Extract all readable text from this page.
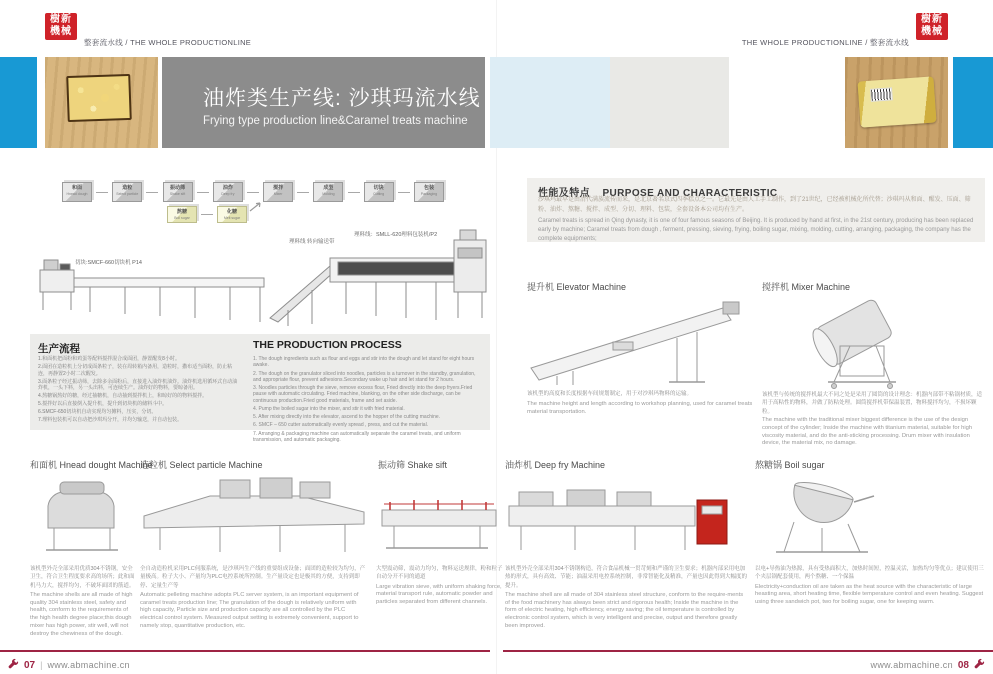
樹新機械
整套流水线 / THE WHOLE PRODUCTIONLINE	THE WHOLE PRODUCTIONLINE / 整套流水线
樹新機械
油炸类生产线: 沙琪玛流水线
Frying type production line&Caramel treats machine
和面
Hnead dough
造粒
Select particle
振动筛
Shake sift
油炸
Deep fry
搅拌
Mixer
成型
Molding
切块
Cutting
包装
Packaging
熬糖
Boil sugar
化糖
Melt sugar
切块:SMCF-660切块机 P14
理料线 转向输送带
理料线：SMLL-620理料包装机/P2
生产流程
1.和面机把面粉和鸡蛋等配料搅拌混合成面团，静置醒发8小时。
2.面团在造粒机上分切成面条粒子，装在周转箱内备用，造粒时，撒布适当面粉，防止粘连，再静置2小时二次醒发。
3.面条粒子经过振动筛，去除多余面粉后，直接进入油炸机油炸。油炸机选用循环式自动油炸机，一头下料，另一头出料，可连续生产。油炸好的物料，要晾备用。
4.熬糖锅熬好的糖，经过抽糖机，自动抽到搅拌机上，和晾好的的物料搅拌。
5.搅拌好以后直接倒入提升机，提升到切块机的储料斗中。
6.SMCF-650切块机自动实现均匀摊料，压实，分切。
7.理料包装机可以自动把沙琪玛分开，并均匀输送，并自动包装。
THE PRODUCTION PROCESS
1. The dough ingredients such as flour and eggs and stir into the dough and let stand for eight hours awake.
2. The dough on the granulator sliced into noodles, particles is a turnover in the standby, granulation, and appropriate flour, prevent adhesions.Secondary wake up hair and let stand for 2 hours.
3. Noodles particles through the sieve, remove excess flour, Fried directly into the deep fryers.Fried pause with automatic circulating. Fried machine, blanking, on the other side discharge, can be continuous production.Fried good materials, frame and set aside.
4. Pump the boiled sugar into the mixer, and stir it with fried material.
5. After mixing directly into the elevator, ascend to the hopper of the cutting machine.
6. SMCF – 650 cutter automatically evenly spread , press, and cut the material.
7. Arranging & packaging machine can automatically separate the caramel treats, and uniform transmission, and automatic packaging.
性能及特点 PURPOSE AND CHARACTERISTIC
沙琪玛最早是由清代满族流传而来，是北京著名京式四季糕点之一。它最先是由人工手工制作，到了21世纪，已经被机械化所代替；沙琪玛从和面、醒发、压面、筛粉、油炸、熬糖、搅拌、成型、分切、理料、包装，全套设备本公司均有生产。
Caramel treats is spread in Qing dynasty, it is one of four famous seasons of Beijing. It is produced by hand at first, in the 21st century, producing has been replaced early by machine; Caramel treats from dough , ferment, pressing, sieving, frying, boiling sugar, mixing, molding, cutting, arranging, packaging, the company has the complete equipments;
提升机 Elevator Machine
该机型的高度和长度根据车间规划制定，用于对沙琪玛物料的运输。
The machine height and length according to workshop planning, used for caramel treats material transportation.
搅拌机 Mixer Machine
该机型与传统的搅拌机最大不同之处是采用了圆筒的设计理念：机器内部带不粘锅材质，适用于高粘性的物料，并做了防粘处理。圆筒搅拌机带保温装置，物料搅拌均匀，不损坏颗粒。
The machine with the traditional mixer biggest difference is the use of the design concept of the cylinder; Inside the machine with titanium material, suitable for high viscosity material, and do the anti-sticking processing. Drum mixer with insulation device, the material mix, no damage.
和面机 Hnead dought Machine
造粒机 Select particle Machine	振动筛 Shake sift	油炸机 Deep fry Machine	熬糖锅 Boil sugar
该机型外壳全部采用优质304不锈钢，安全卫生，符合卫生程度要求高的场所；此和面机马力大，搅拌均匀，不破坏面团的筋道。
The machine shells are all made of high quality 304 stainless steel, safety and health, conform to the requirements of the high health degree place;this dough mixer has high power, stir well, will not destroy the chewiness of the dough.
全自动造粒机采用PLC伺服系统，是沙琪玛生产线的重要组成设备；面团的造粒较为均匀，产量极高。粒子大小、产量均为PLC电控系统所控制。生产量设定也是极其的方便，支持到即停、定量生产等
Automatic pelleting machine adopts PLC server system, is an important equipment of caramel treats production line; The granulation of the dough is relatively uniform with high capacity, Particle size and production capacity are all controlled by the PLC electrical control system. Measured output setting is extremely convenient, support to namely stop, quantitative production, etc.
大型震动筛，震动力均匀，物料运送规律，粉和粒子自动分开不同的通道
Large vibration sieve, with uniform shaking force, material transport rule, automatic powder and particles separated from different channels.
该机型外壳全部采用304不锈钢构造，符合食品机械一贯苛刻和严谨的卫生要求；机器内部采用电加热的形式，具有高效、节能；油温采用电控系统控制，非常智能化及精准，产量也因此得到大幅度的提升。
The machine shell are all made of 304 stainless steel structure, conform to the require-ments of the food machinery has always been strict and rigorous health; Inside the machine in the form of electric heating, high efficiency, energy saving; the oil temperature is controlled by electronic control system, which is very intelligent and precise, output and therefore greatly been improved.
以电+导热油为热源，具有受热面积大，加热时间短，控温灵活，加热均匀等优点；建议使用三个夹层锅配套使用，两个熬糖、一个保温
Electricity+conduction oil are taken as the heat source with the characteristic of large heasting area, short heating time, flexible temperature control and even heating. Suggest using three sandwich pot, two for boiling sugar, one for keeping warm.
07 | www.abmachine.cn	www.abmachine.cn 08
